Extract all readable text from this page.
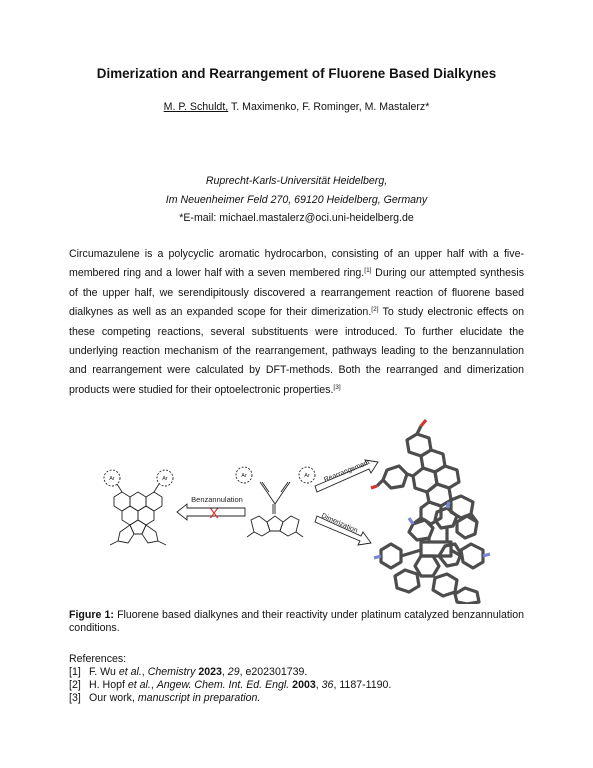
Dimerization and Rearrangement of Fluorene Based Dialkynes
M. P. Schuldt, T. Maximenko, F. Rominger, M. Mastalerz*
Ruprecht-Karls-Universität Heidelberg,
Im Neuenheimer Feld 270, 69120 Heidelberg, Germany
*E-mail: michael.mastalerz@oci.uni-heidelberg.de
Circumazulene is a polycyclic aromatic hydrocarbon, consisting of an upper half with a five-membered ring and a lower half with a seven membered ring.[1] During our attempted synthesis of the upper half, we serendipitously discovered a rearrangement reaction of fluorene based dialkynes as well as an expanded scope for their dimerization.[2] To study electronic effects on these competing reactions, several substituents were introduced. To further elucidate the underlying reaction mechanism of the rearrangement, pathways leading to the benzannulation and rearrangement were calculated by DFT-methods. Both the rearranged and dimerization products were studied for their optoelectronic properties.[3]
Ar	Ar	Ar	Ar
Benzannulation
Rearrangement
Dimerization
X
Figure 1: Fluorene based dialkynes and their reactivity under platinum catalyzed benzannulation conditions.
References:
[1] F. Wu et al., Chemistry 2023, 29, e202301739.
[2] H. Hopf et al., Angew. Chem. Int. Ed. Engl. 2003, 36, 1187-1190.
[3] Our work, manuscript in preparation.
